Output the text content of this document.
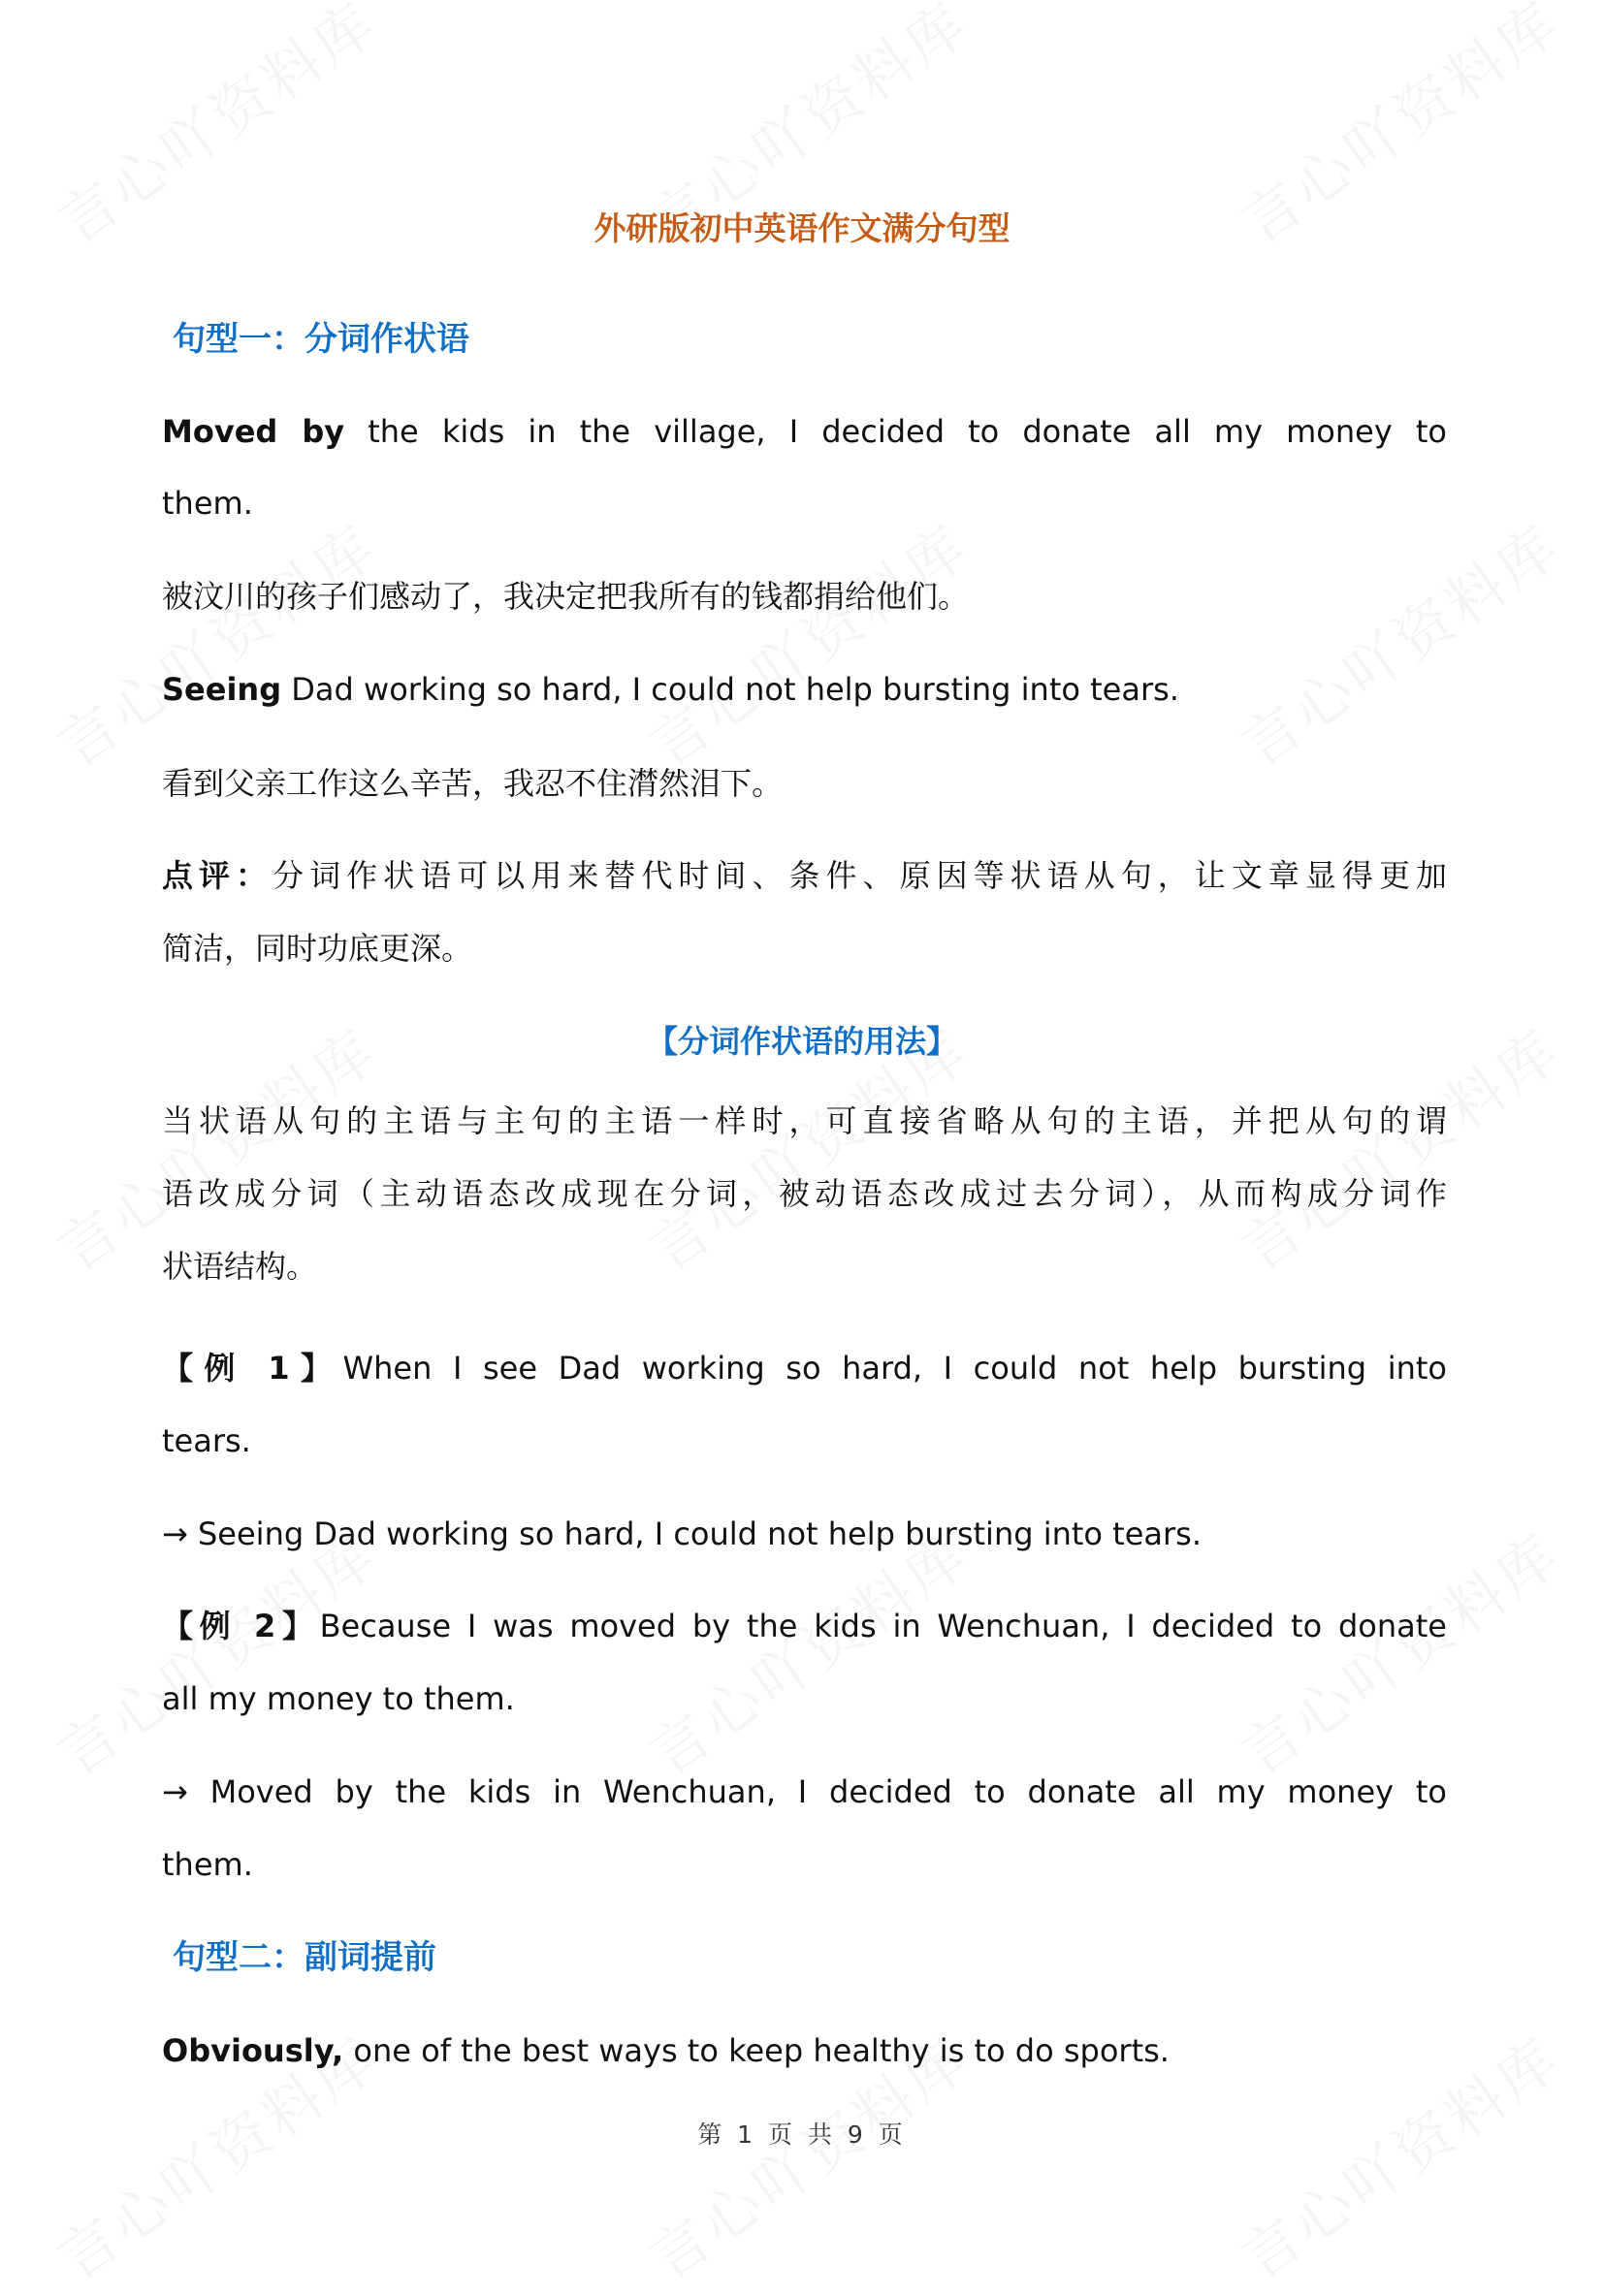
外研版初中英语作文满分句型
句型一：分词作状语
Moved by the kids in the village, I decided to donate all my money to
them.
被汶川的孩子们感动了，我决定把我所有的钱都捐给他们。
Seeing Dad working so hard, I could not help bursting into tears.
看到父亲工作这么辛苦，我忍不住潸然泪下。
点评：分词作状语可以用来替代时间、条件、原因等状语从句，让文章显得更加
简洁，同时功底更深。
【分词作状语的用法】
当状语从句的主语与主句的主语一样时，可直接省略从句的主语，并把从句的谓
语改成分词（主动语态改成现在分词，被动语态改成过去分词），从而构成分词作
状语结构。
【例 1】When I see Dad working so hard, I could not help bursting into
tears.
→ Seeing Dad working so hard, I could not help bursting into tears.
【例 2】Because I was moved by the kids in Wenchuan, I decided to donate
all my money to them.
→ Moved by the kids in Wenchuan, I decided to donate all my money to
them.
句型二：副词提前
Obviously, one of the best ways to keep healthy is to do sports.
第 1 页 共 9 页
